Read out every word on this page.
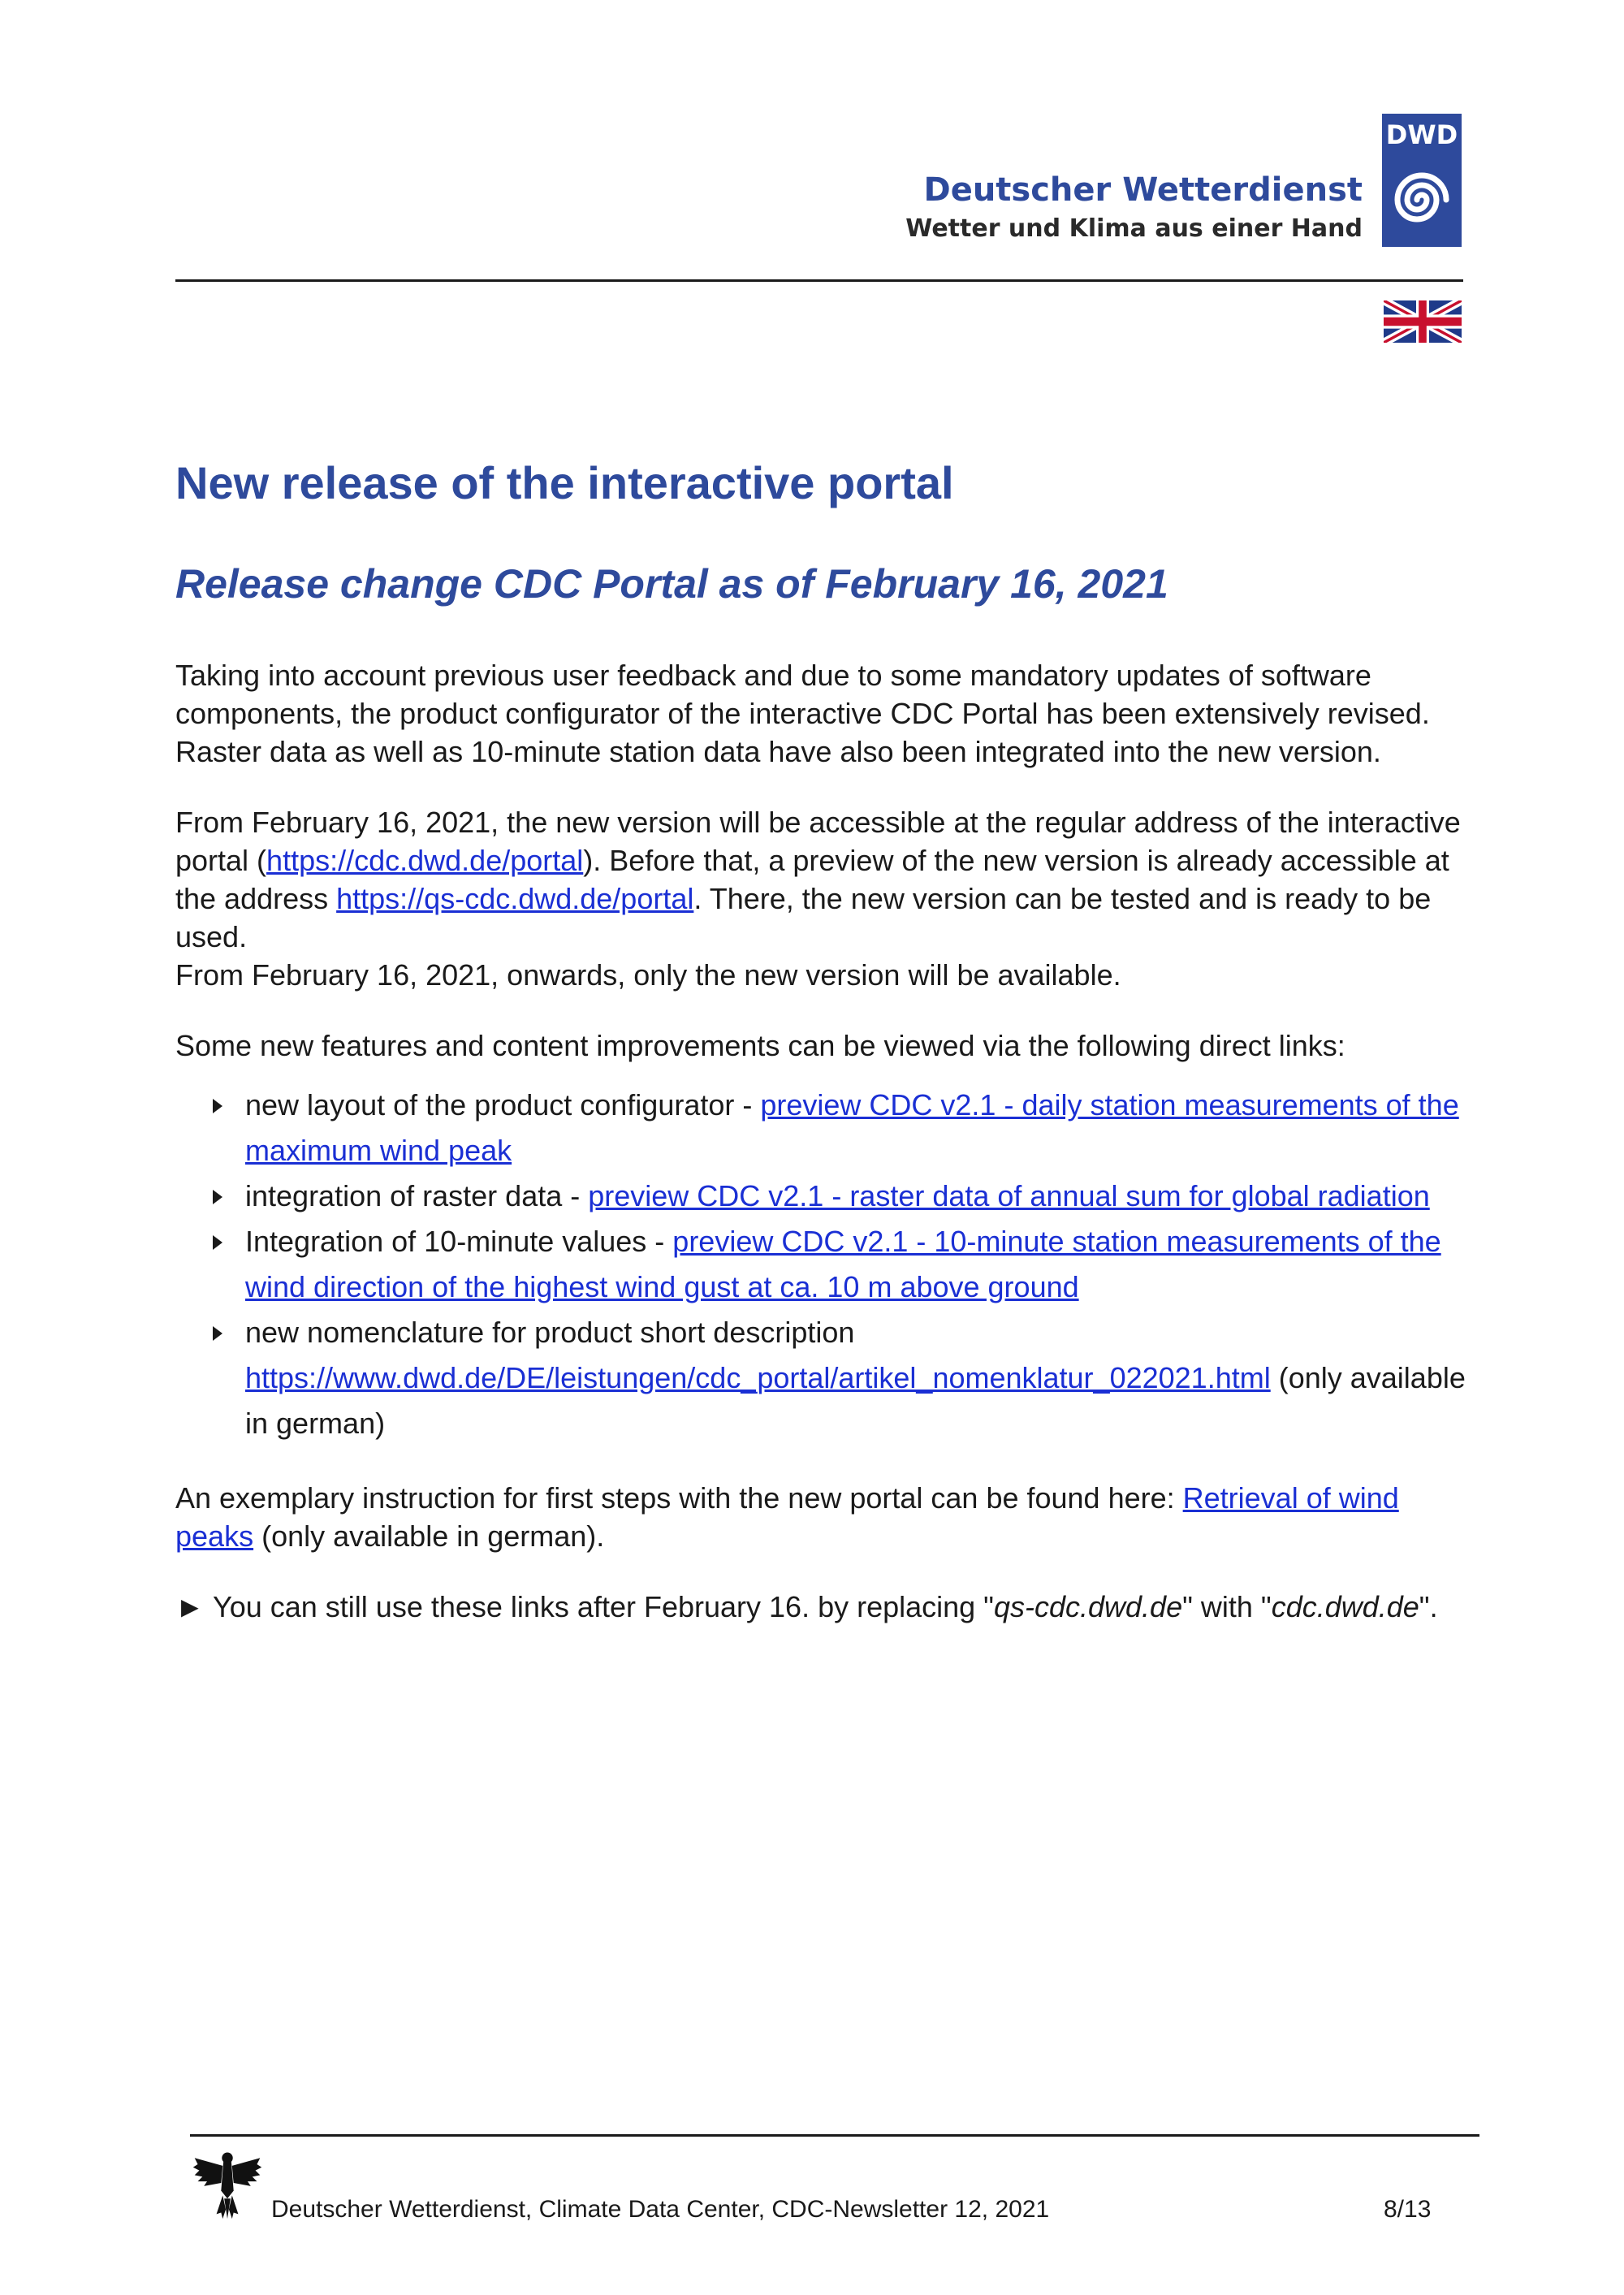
Deutscher Wetterdienst
Wetter und Klima aus einer Hand
DWD
New release of the interactive portal
Release change CDC Portal as of February 16, 2021

Taking into account previous user feedback and due to some mandatory updates of software components, the product configurator of the interactive CDC Portal has been extensively revised. Raster data as well as 10-minute station data have also been integrated into the new version.

From February 16, 2021, the new version will be accessible at the regular address of the interactive portal (https://cdc.dwd.de/portal). Before that, a preview of the new version is already accessible at the address https://qs-cdc.dwd.de/portal. There, the new version can be tested and is ready to be used.
From February 16, 2021, onwards, only the new version will be available.

Some new features and content improvements can be viewed via the following direct links:

new layout of the product configurator - preview CDC v2.1 - daily station measurements of the maximum wind peak
integration of raster data - preview CDC v2.1 - raster data of annual sum for global radiation
Integration of 10-minute values - preview CDC v2.1 - 10-minute station measurements of the wind direction of the highest wind gust at ca. 10 m above ground
new nomenclature for product short description
https://www.dwd.de/DE/leistungen/cdc_portal/artikel_nomenklatur_022021.html (only available in german)

An exemplary instruction for first steps with the new portal can be found here: Retrieval of wind peaks (only available in german).

► You can still use these links after February 16. by replacing "qs-cdc.dwd.de" with "cdc.dwd.de".

Deutscher Wetterdienst, Climate Data Center, CDC-Newsletter 12, 2021	8/13
